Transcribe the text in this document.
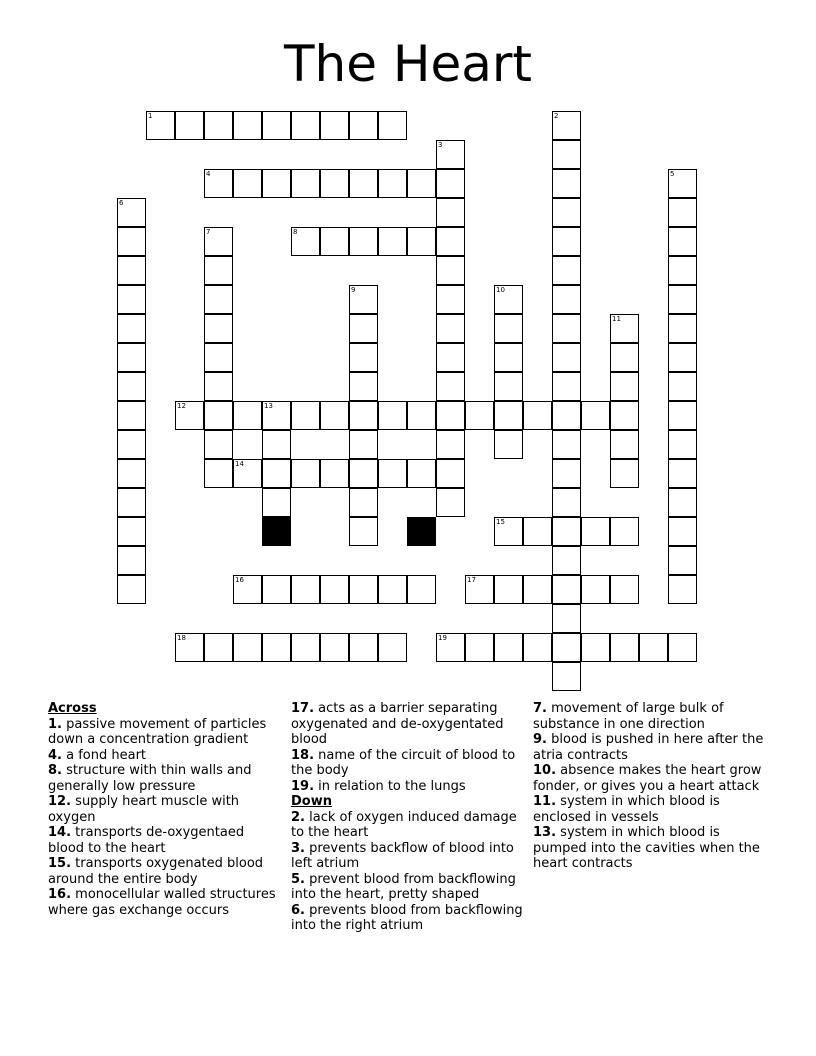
The Heart
1	2
3
4	5
6
7	8
9	10
11
12	13
14
15
16	17
18	19
Across
1. passive movement of particles down a concentration gradient
4. a fond heart
8. structure with thin walls and generally low pressure
12. supply heart muscle with oxygen
14. transports de-oxygentaed blood to the heart
15. transports oxygenated blood around the entire body
16. monocellular walled structures where gas exchange occurs
17. acts as a barrier separating oxygenated and de-oxygentated blood
18. name of the circuit of blood to the body
19. in relation to the lungs
Down
2. lack of oxygen induced damage to the heart
3. prevents backflow of blood into left atrium
5. prevent blood from backflowing into the heart, pretty shaped
6. prevents blood from backflowing into the right atrium
7. movement of large bulk of substance in one direction
9. blood is pushed in here after the atria contracts
10. absence makes the heart grow fonder, or gives you a heart attack
11. system in which blood is enclosed in vessels
13. system in which blood is pumped into the cavities when the heart contracts
